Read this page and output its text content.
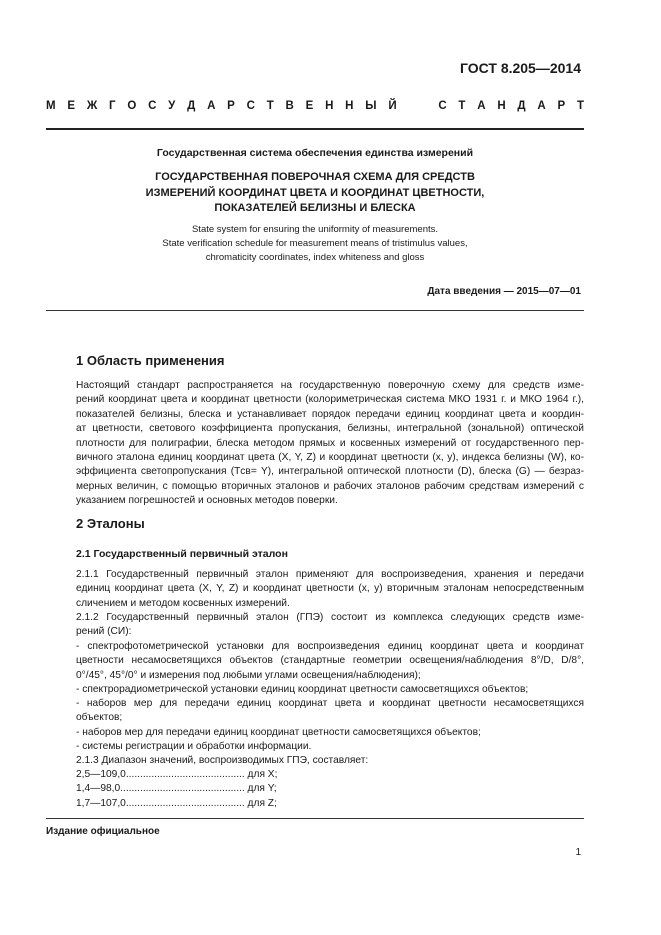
ГОСТ 8.205—2014
М Е Ж Г О С У Д А Р С Т В Е Н Н Ы Й

	С Т А Н Д А Р Т
Государственная система обеспечения единства измерений
ГОСУДАРСТВЕННАЯ ПОВЕРОЧНАЯ СХЕМА ДЛЯ СРЕДСТВ
ИЗМЕРЕНИЙ КООРДИНАТ ЦВЕТА И КООРДИНАТ ЦВЕТНОСТИ,
ПОКАЗАТЕЛЕЙ БЕЛИЗНЫ И БЛЕСКА
State system for ensuring the uniformity of measurements.
State verification schedule for measurement means of tristimulus values,
chromaticity coordinates, index whiteness and gloss
Дата введения — 2015—07—01
1 Область применения
Настоящий стандарт распространяется на государственную поверочную схему для средств изме-
рений координат цвета и координат цветности (колориметрическая система МКО 1931 г. и МКО 1964 г.),
показателей белизны, блеска и устанавливает порядок передачи единиц координат цвета и координ-
ат цветности, светового коэффициента пропускания, белизны, интегральной (зональной) оптической
плотности для полиграфии, блеска методом прямых и косвенных измерений от государственного пер-
вичного эталона единиц координат цвета (X, Y, Z) и координат цветности (x, y), индекса белизны (W), ко-
эффициента светопропускания (Tсв= Y), интегральной оптической плотности (D), блеска (G) — безраз-
мерных величин, с помощью вторичных эталонов и рабочих эталонов рабочим средствам измерений с
указанием погрешностей и основных методов поверки.
2 Эталоны
2.1 Государственный первичный эталон
2.1.1 Государственный первичный эталон применяют для воспроизведения, хранения и передачи
единиц координат цвета (X, Y, Z) и координат цветности (x, y) вторичным эталонам непосредственным
сличением и методом косвенных измерений.
2.1.2 Государственный первичный эталон (ГПЭ) состоит из комплекса следующих средств изме-
рений (СИ):
- спектрофотометрической установки для воспроизведения единиц координат цвета и координат
цветности несамосветящихся объектов (стандартные геометрии освещения/наблюдения 8°/D, D/8°,
0°/45°, 45°/0° и измерения под любыми углами освещения/наблюдения);
- спектрорадиометрической установки единиц координат цветности самосветящихся объектов;
- наборов мер для передачи единиц координат цвета и координат цветности несамосветящихся
объектов;
- наборов мер для передачи единиц координат цветности самосветящихся объектов;
- системы регистрации и обработки информации.
2.1.3 Диапазон значений, воспроизводимых ГПЭ, составляет:
2,5—109,0.......................................... для X;
1,4—98,0............................................ для Y;
1,7—107,0.......................................... для Z;
Издание официальное
1
